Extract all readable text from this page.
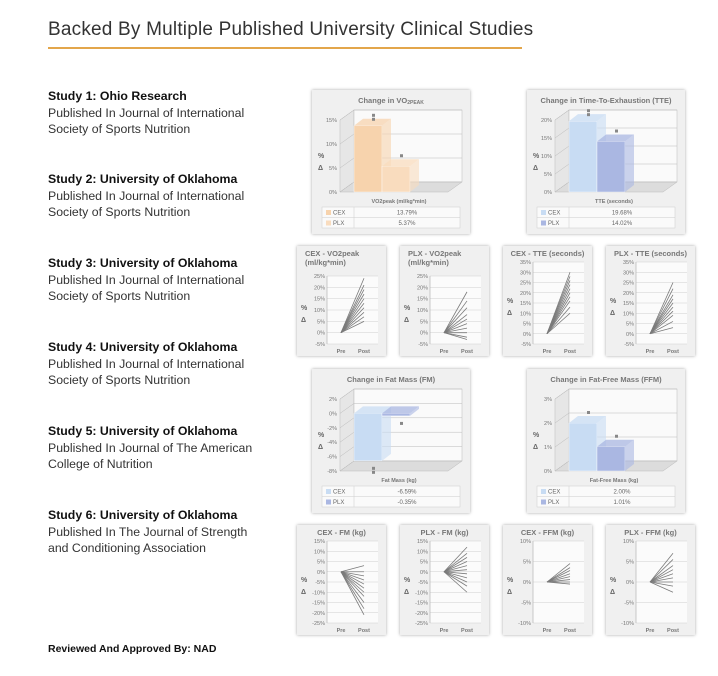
Backed By Multiple Published University Clinical Studies
Study 1: Ohio Research
Published In Journal of International
Society of Sports Nutrition
Study 2: University of Oklahoma
Published In Journal of International
Society of Sports Nutrition
Study 3: University of Oklahoma
Published In Journal of International
Society of Sports Nutrition
Study 4: University of Oklahoma
Published In Journal of International
Society of Sports Nutrition
Study 5: University of Oklahoma
Published In Journal of The American
College of Nutrition
Study 6: University of Oklahoma
Published In The Journal of Strength
and Conditioning Association
Reviewed And Approved By: NAD
Change in VO2PEAK
0%
5%
10%
15%
%
Δ
VO2peak (ml/kg*min)
CEX	13.79%
PLX	5.37%
Change in Time-To-Exhaustion (TTE)
0%
5%
10%
15%
20%
%
Δ
TTE (seconds)
CEX	19.68%
PLX	14.02%
Change in Fat Mass (FM)
2%
0%
-2%
-4%
-6%
-8%
%
Δ
Fat Mass (kg)
CEX	-6.59%
PLX	-0.35%
Change in Fat-Free Mass (FFM)
0%
1%
2%
3%
%
Δ
Fat-Free Mass (kg)
CEX	2.00%
PLX	1.01%
CEX - VO2peak
(ml/kg*min)
-5%
0%
5%
10%
15%
20%
25%
%
Δ
Pre Post
PLX - VO2peak
(ml/kg*min)
-5%
0%
5%
10%
15%
20%
25%
%
Δ
Pre Post
CEX - TTE (seconds)
-5%
0%
5%
10%
15%
20%
25%
30%
35%
%
Δ
Pre Post
PLX - TTE (seconds)
-5%
0%
5%
10%
15%
20%
25%
30%
35%
%
Δ
Pre Post
CEX - FM (kg)
15%
10%
5%
0%
-5%
-10%
-15%
-20%
-25%
%
Δ
Pre Post
PLX - FM (kg)
15%
10%
5%
0%
-5%
-10%
-15%
-20%
-25%
%
Δ
Pre Post
CEX - FFM (kg)
10%
5%
0%
-5%
-10%
%
Δ
Pre Post
PLX - FFM (kg)
10%
5%
0%
-5%
-10%
%
Δ
Pre Post
